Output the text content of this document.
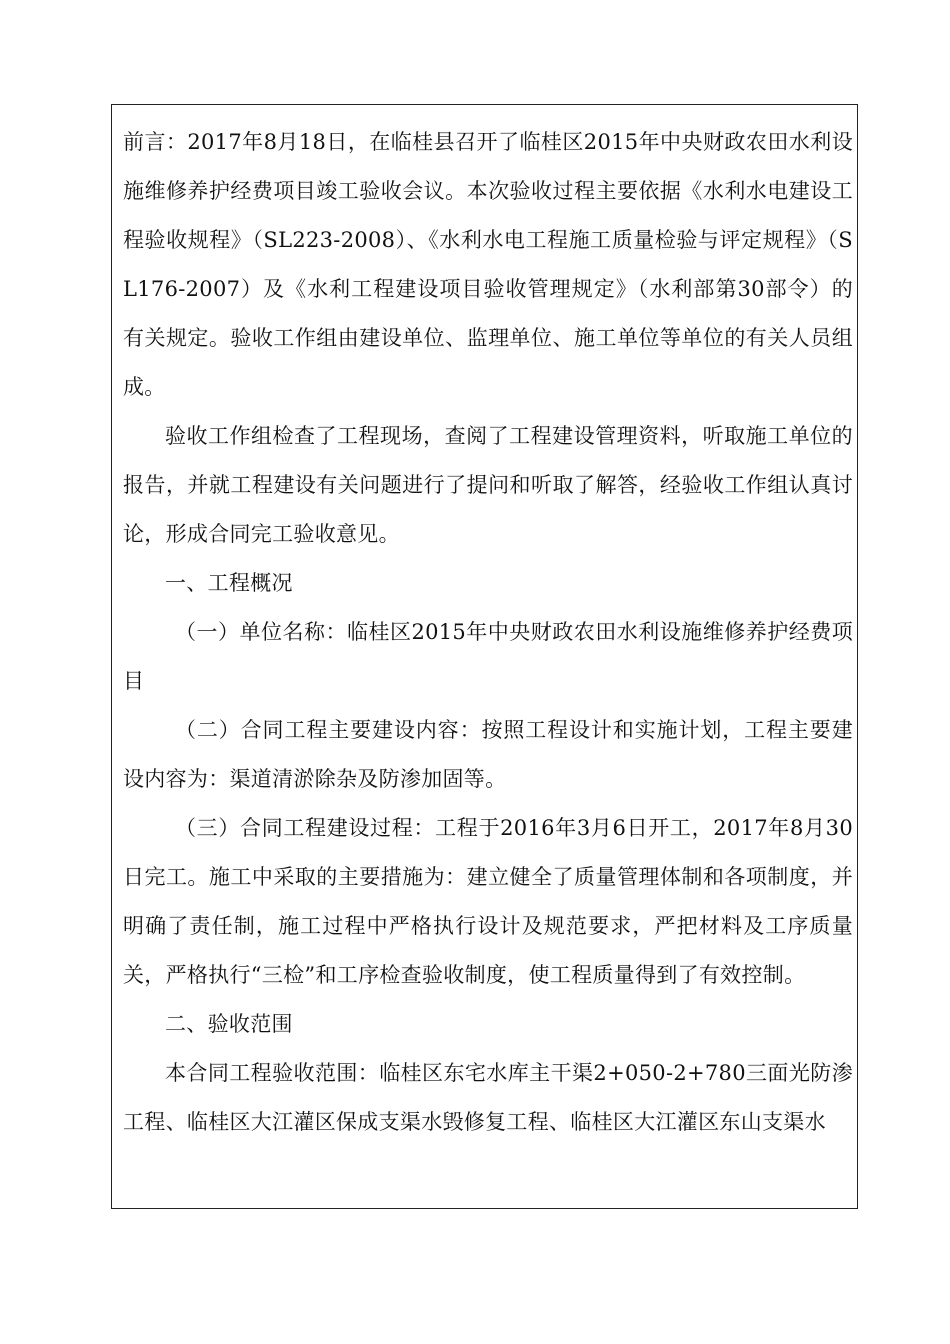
前言：2017年8月18日，在临桂县召开了临桂区2015年中央财政农田水利设施维修养护经费项目竣工验收会议。本次验收过程主要依据《水利水电建设工程验收规程》（SL223-2008）、《水利水电工程施工质量检验与评定规程》（SL176-2007）及《水利工程建设项目验收管理规定》（水利部第30部令）的有关规定。验收工作组由建设单位、监理单位、施工单位等单位的有关人员组成。

验收工作组检查了工程现场，查阅了工程建设管理资料，听取施工单位的报告，并就工程建设有关问题进行了提问和听取了解答，经验收工作组认真讨论，形成合同完工验收意见。

一、工程概况

（一）单位名称：临桂区2015年中央财政农田水利设施维修养护经费项目

（二）合同工程主要建设内容：按照工程设计和实施计划，工程主要建设内容为：渠道清淤除杂及防渗加固等。

（三）合同工程建设过程：工程于2016年3月6日开工，2017年8月30日完工。施工中采取的主要措施为：建立健全了质量管理体制和各项制度，并明确了责任制，施工过程中严格执行设计及规范要求，严把材料及工序质量关，严格执行“三检”和工序检查验收制度，使工程质量得到了有效控制。

二、验收范围

本合同工程验收范围：临桂区东宅水库主干渠2+050-2+780三面光防渗工程、临桂区大江灌区保成支渠水毁修复工程、临桂区大江灌区东山支渠水
